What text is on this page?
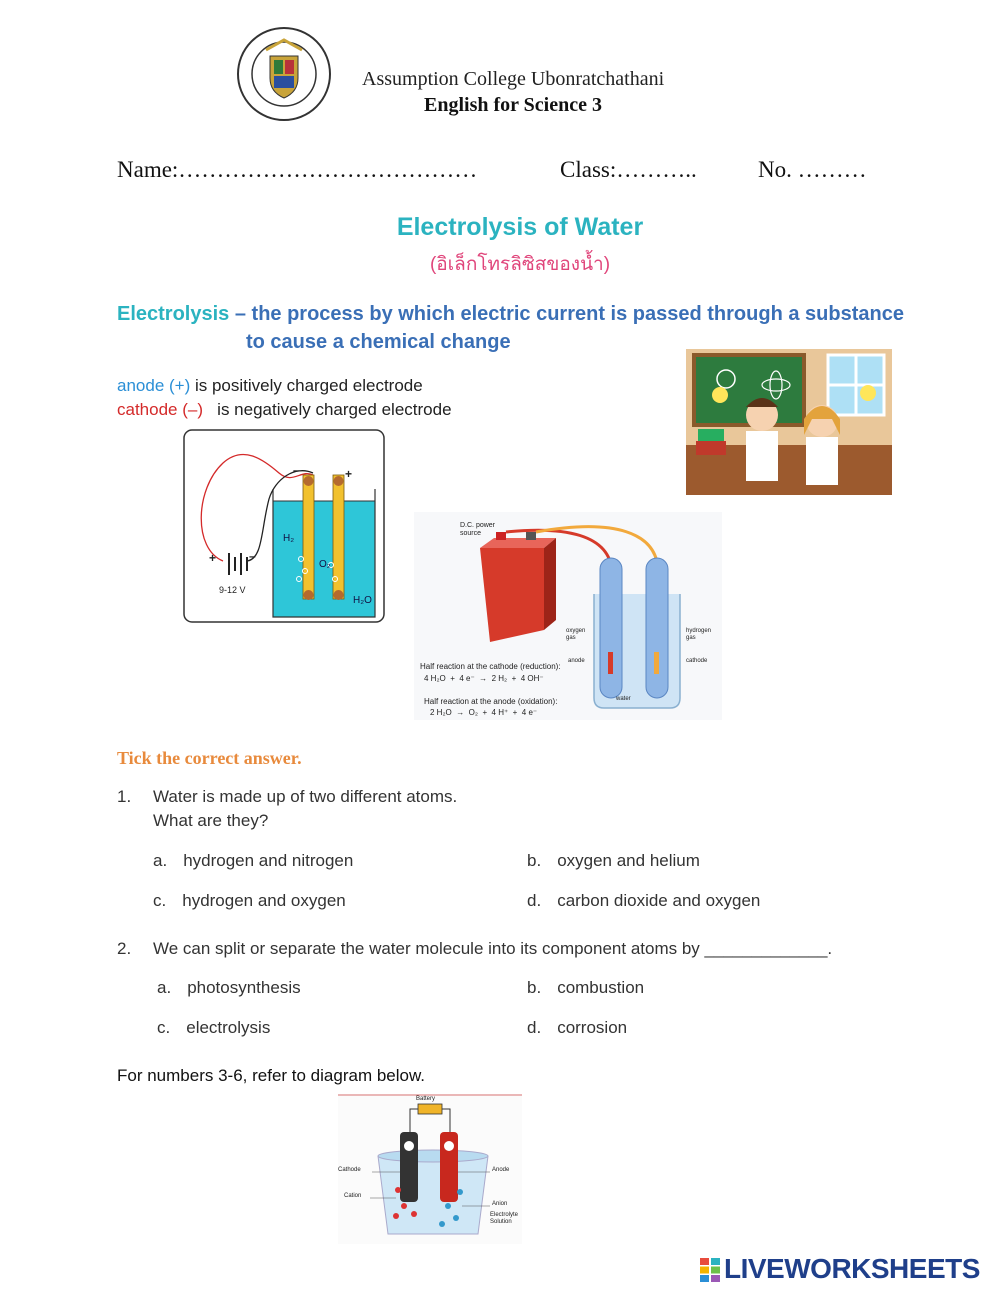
Assumption College Ubonratchathani
English for Science 3
Name:…………………………………	Class:………..	No. ………
Electrolysis of Water
(อิเล็กโทรลิซิสของน้ำ)
Electrolysis – the process by which electric current is passed through a substance
to cause a chemical change
anode (+) is positively charged electrode
cathode (–)   is negatively charged electrode
–	+
+	–
9-12 V
H₂
O₂
H₂O
D.C. power source
oxygen gas
hydrogen gas
anode	cathode
water
Half reaction at the cathode (reduction):
4 H₂O  +  4 e⁻  →  2 H₂  +  4 OH⁻
Half reaction at the anode (oxidation):
2 H₂O  →  O₂  +  4 H⁺  +  4 e⁻
Tick the correct answer.
1. Water is made up of two different atoms.
What are they?
a. hydrogen and nitrogen	b. oxygen and helium
c. hydrogen and oxygen	d. carbon dioxide and oxygen
2. We can split or separate the water molecule into its component atoms by _____________.
a. photosynthesis	b. combustion
c. electrolysis	d. corrosion
For numbers 3-6, refer to diagram below.
Battery
Cathode
Cation
Anode
Anion
Electrolyte Solution
LIVEWORKSHEETS
